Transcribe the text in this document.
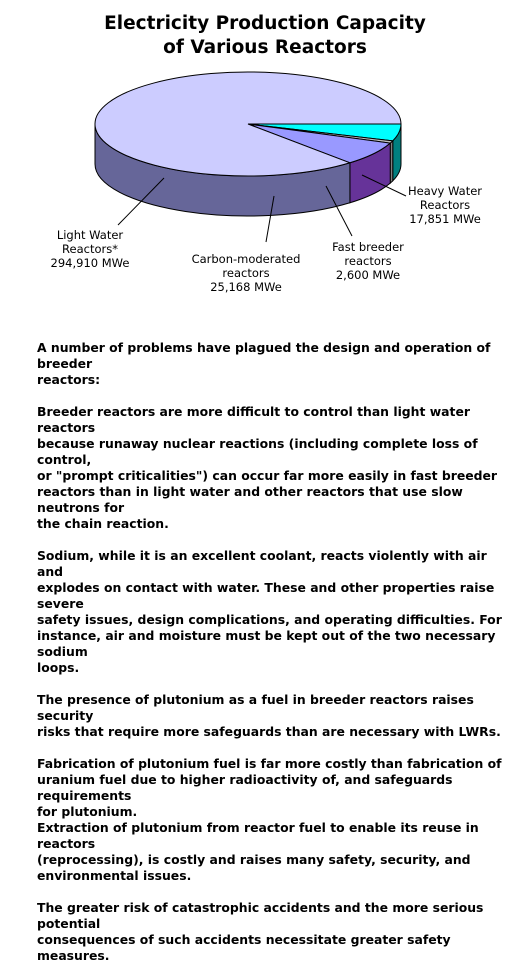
Electricity Production Capacity
of Various Reactors
Light Water
Reactors*
294,910 MWe	Carbon-moderated
reactors
25,168 MWe
Fast breeder
reactors
2,600 MWe
Heavy Water
Reactors
17,851 MWe

A number of problems have plagued the design and operation of breeder
reactors:

Breeder reactors are more difficult to control than light water reactors
because runaway nuclear reactions (including complete loss of control,
or "prompt criticalities") can occur far more easily in fast breeder
reactors than in light water and other reactors that use slow neutrons for
the chain reaction.

Sodium, while it is an excellent coolant, reacts violently with air and
explodes on contact with water. These and other properties raise severe
safety issues, design complications, and operating difficulties. For
instance, air and moisture must be kept out of the two necessary sodium
loops.

The presence of plutonium as a fuel in breeder reactors raises security
risks that require more safeguards than are necessary with LWRs.

Fabrication of plutonium fuel is far more costly than fabrication of
uranium fuel due to higher radioactivity of, and safeguards requirements
for plutonium.
Extraction of plutonium from reactor fuel to enable its reuse in reactors
(reprocessing), is costly and raises many safety, security, and
environmental issues.

The greater risk of catastrophic accidents and the more serious potential
consequences of such accidents necessitate greater safety measures.
